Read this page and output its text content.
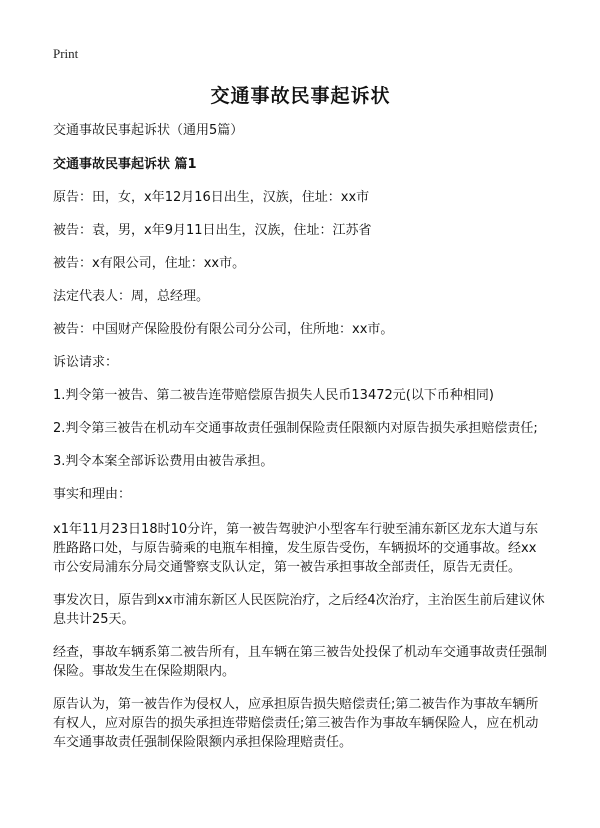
Print
交通事故民事起诉状
交通事故民事起诉状（通用5篇）
交通事故民事起诉状 篇1

原告：田，女，x年12月16日出生，汉族，住址：xx市

被告：袁，男，x年9月11日出生，汉族，住址：江苏省

被告：x有限公司，住址：xx市。

法定代表人：周，总经理。

被告：中国财产保险股份有限公司分公司，住所地：xx市。

诉讼请求：

1.判令第一被告、第二被告连带赔偿原告损失人民币13472元(以下币种相同)

2.判令第三被告在机动车交通事故责任强制保险责任限额内对原告损失承担赔偿责任;

3.判令本案全部诉讼费用由被告承担。

事实和理由：

x1年11月23日18时10分许，第一被告驾驶沪小型客车行驶至浦东新区龙东大道与东胜路路口处，与原告骑乘的电瓶车相撞，发生原告受伤，车辆损坏的交通事故。经xx市公安局浦东分局交通警察支队认定，第一被告承担事故全部责任，原告无责任。

事发次日，原告到xx市浦东新区人民医院治疗，之后经4次治疗，主治医生前后建议休息共计25天。

经查，事故车辆系第二被告所有，且车辆在第三被告处投保了机动车交通事故责任强制保险。事故发生在保险期限内。

原告认为，第一被告作为侵权人，应承担原告损失赔偿责任;第二被告作为事故车辆所有权人，应对原告的损失承担连带赔偿责任;第三被告作为事故车辆保险人，应在机动车交通事故责任强制保险限额内承担保险理赔责任。
